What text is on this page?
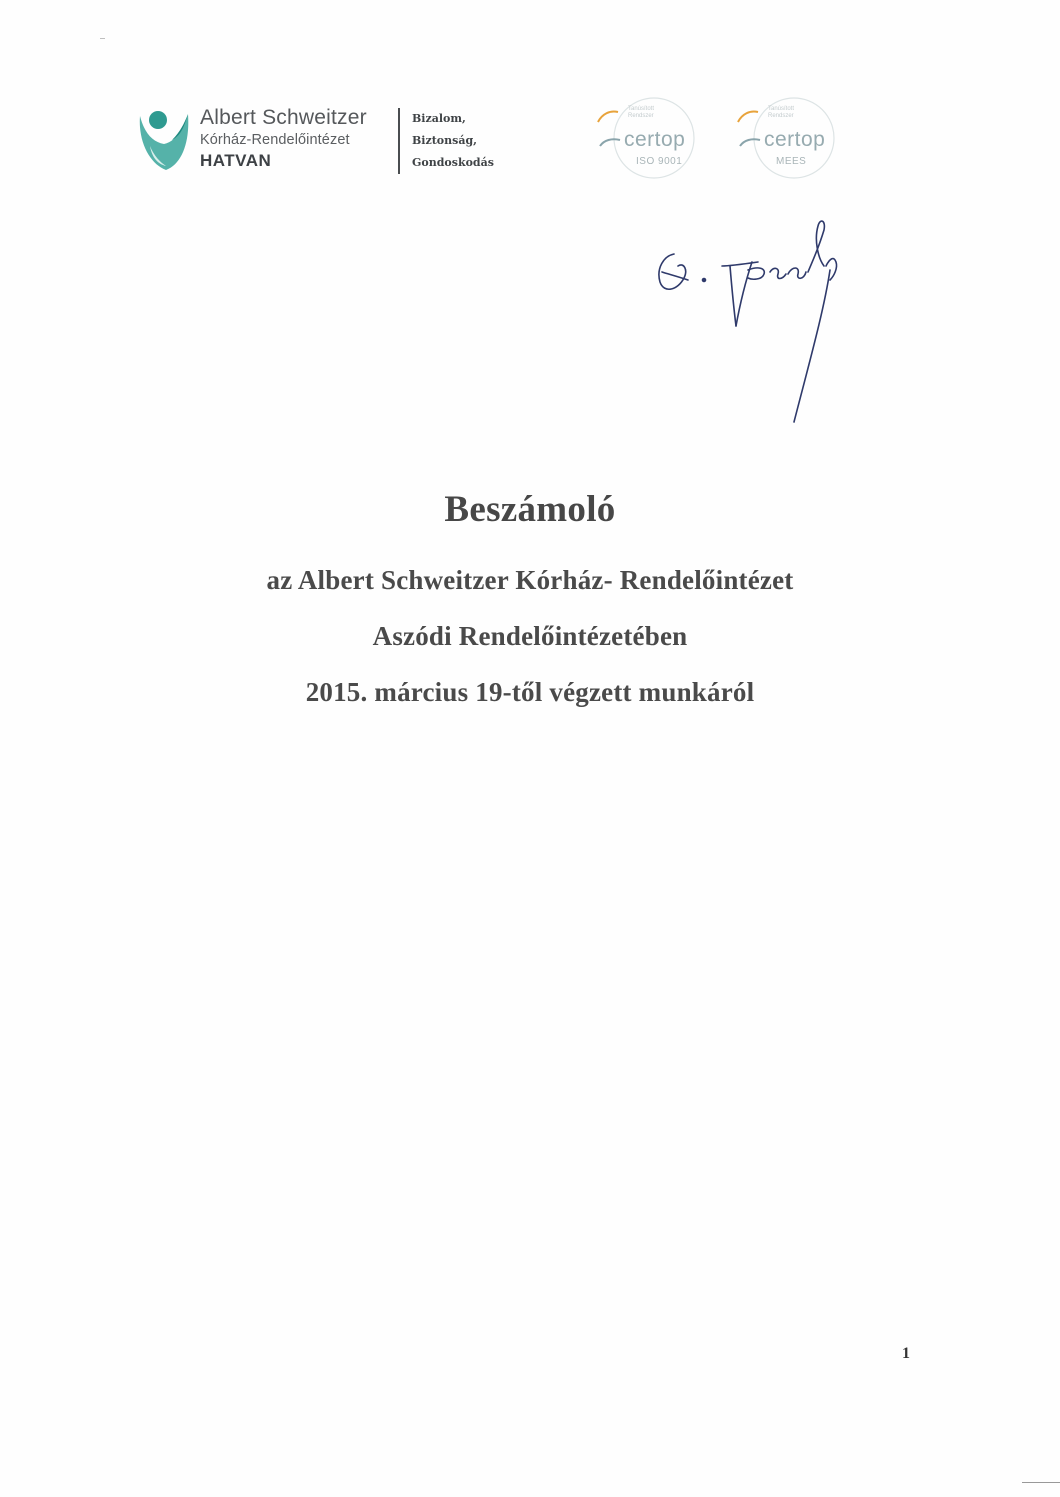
Albert Schweitzer
Kórház-Rendelőintézet
HATVAN
Bizalom,
Biztonság,
Gondoskodás
Tanúsított
Rendszer
certop
ISO 9001
Tanúsított
Rendszer
certop
MEES
Beszámoló
az Albert Schweitzer Kórház- Rendelőintézet
Aszódi Rendelőintézetében
2015. március 19-től végzett munkáról
1
